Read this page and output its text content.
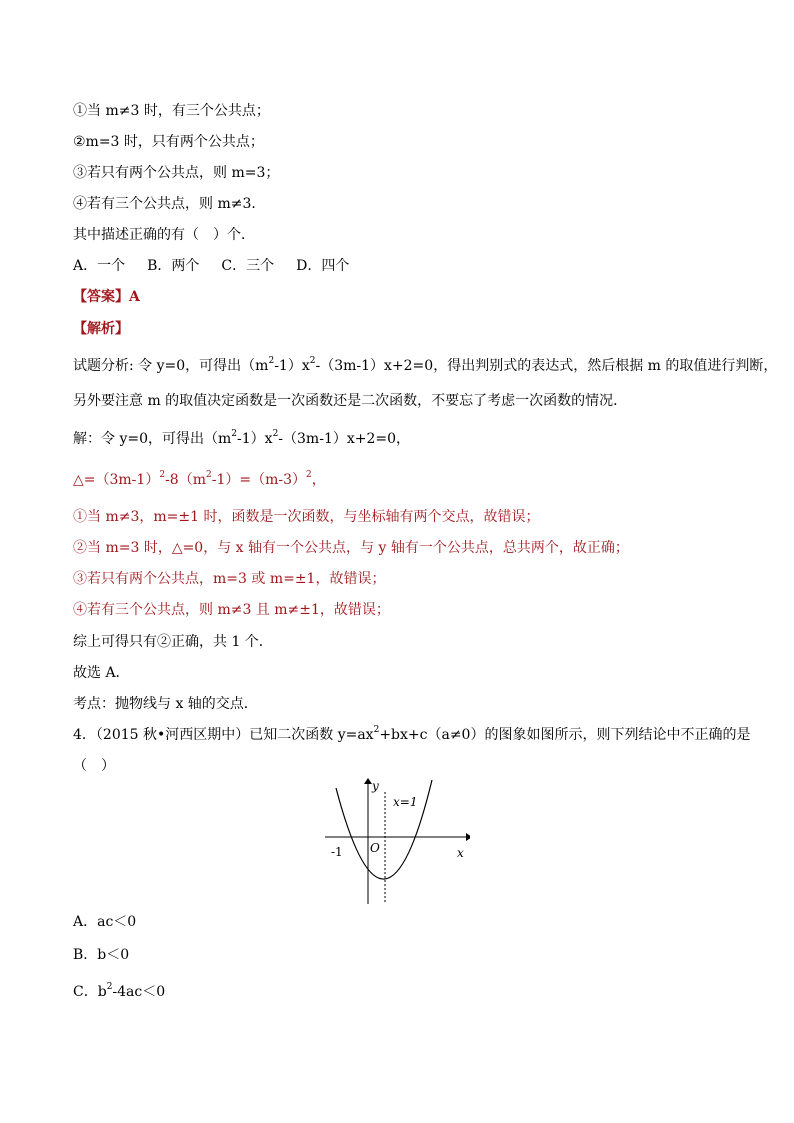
①当 m≠3 时，有三个公共点；
②m=3 时，只有两个公共点；
③若只有两个公共点，则 m=3；
④若有三个公共点，则 m≠3．
其中描述正确的有（　）个．
A．一个 B．两个 C．三个 D．四个
【答案】A
【解析】
试题分析: 令 y=0，可得出$(m^2-1)x^2-(3m-1)x+2=0$，得出判别式的表达式，然后根据 m 的取值进行判断，
另外要注意 m 的取值决定函数是一次函数还是二次函数，不要忘了考虑一次函数的情况．
解：令 y=0，可得出$(m^2-1)x^2-(3m-1)x+2=0$，
$\triangle=(3m-1)^2-8(m^2-1)=(m-3)^2$，
①当 m≠3，m=±1 时，函数是一次函数，与坐标轴有两个交点，故错误；
②当 m=3 时，△=0，与 x 轴有一个公共点，与 y 轴有一个公共点，总共两个，故正确；
③若只有两个公共点，m=3 或 m=±1，故错误；
④若有三个公共点，则 m≠3 且 m≠±1，故错误；
综上可得只有②正确，共 1 个．
故选 A．
考点：抛物线与 x 轴的交点．
4．（2015 秋•河西区期中）已知二次函数 $y=ax^2+bx+c(a\ne 0)$的图象如图所示，则下列结论中不正确的是
（　）
y
x=1
-1 O	x
A．ac＜0
B．b＜0
C．$b^2-4ac<0$
